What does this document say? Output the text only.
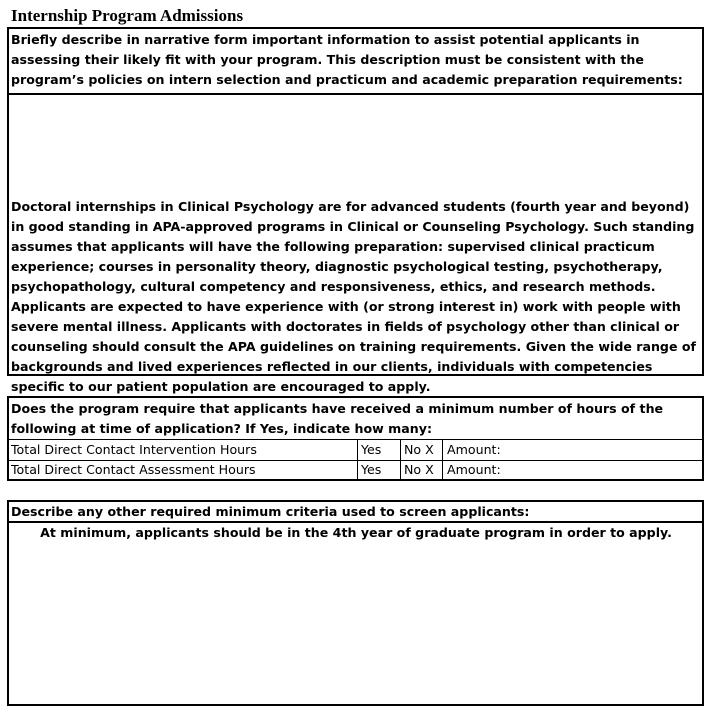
Internship Program Admissions
Briefly describe in narrative form important information to assist potential applicants in assessing their likely fit with your program. This description must be consistent with the program’s policies on intern selection and practicum and academic preparation requirements:
Doctoral internships in Clinical Psychology are for advanced students (fourth year and beyond) in good standing in APA-approved programs in Clinical or Counseling Psychology. Such standing assumes that applicants will have the following preparation: supervised clinical practicum experience; courses in personality theory, diagnostic psychological testing, psychotherapy, psychopathology, cultural competency and responsiveness, ethics, and research methods. Applicants are expected to have experience with (or strong interest in) work with people with severe mental illness. Applicants with doctorates in fields of psychology other than clinical or counseling should consult the APA guidelines on training requirements. Given the wide range of backgrounds and lived experiences reflected in our clients, individuals with competencies specific to our patient population are encouraged to apply.
Does the program require that applicants have received a minimum number of hours of the following at time of application? If Yes, indicate how many:
Total Direct Contact Intervention Hours	Yes No X Amount:
Total Direct Contact Assessment Hours	Yes No X Amount:
Describe any other required minimum criteria used to screen applicants:
At minimum, applicants should be in the 4th year of graduate program in order to apply.
